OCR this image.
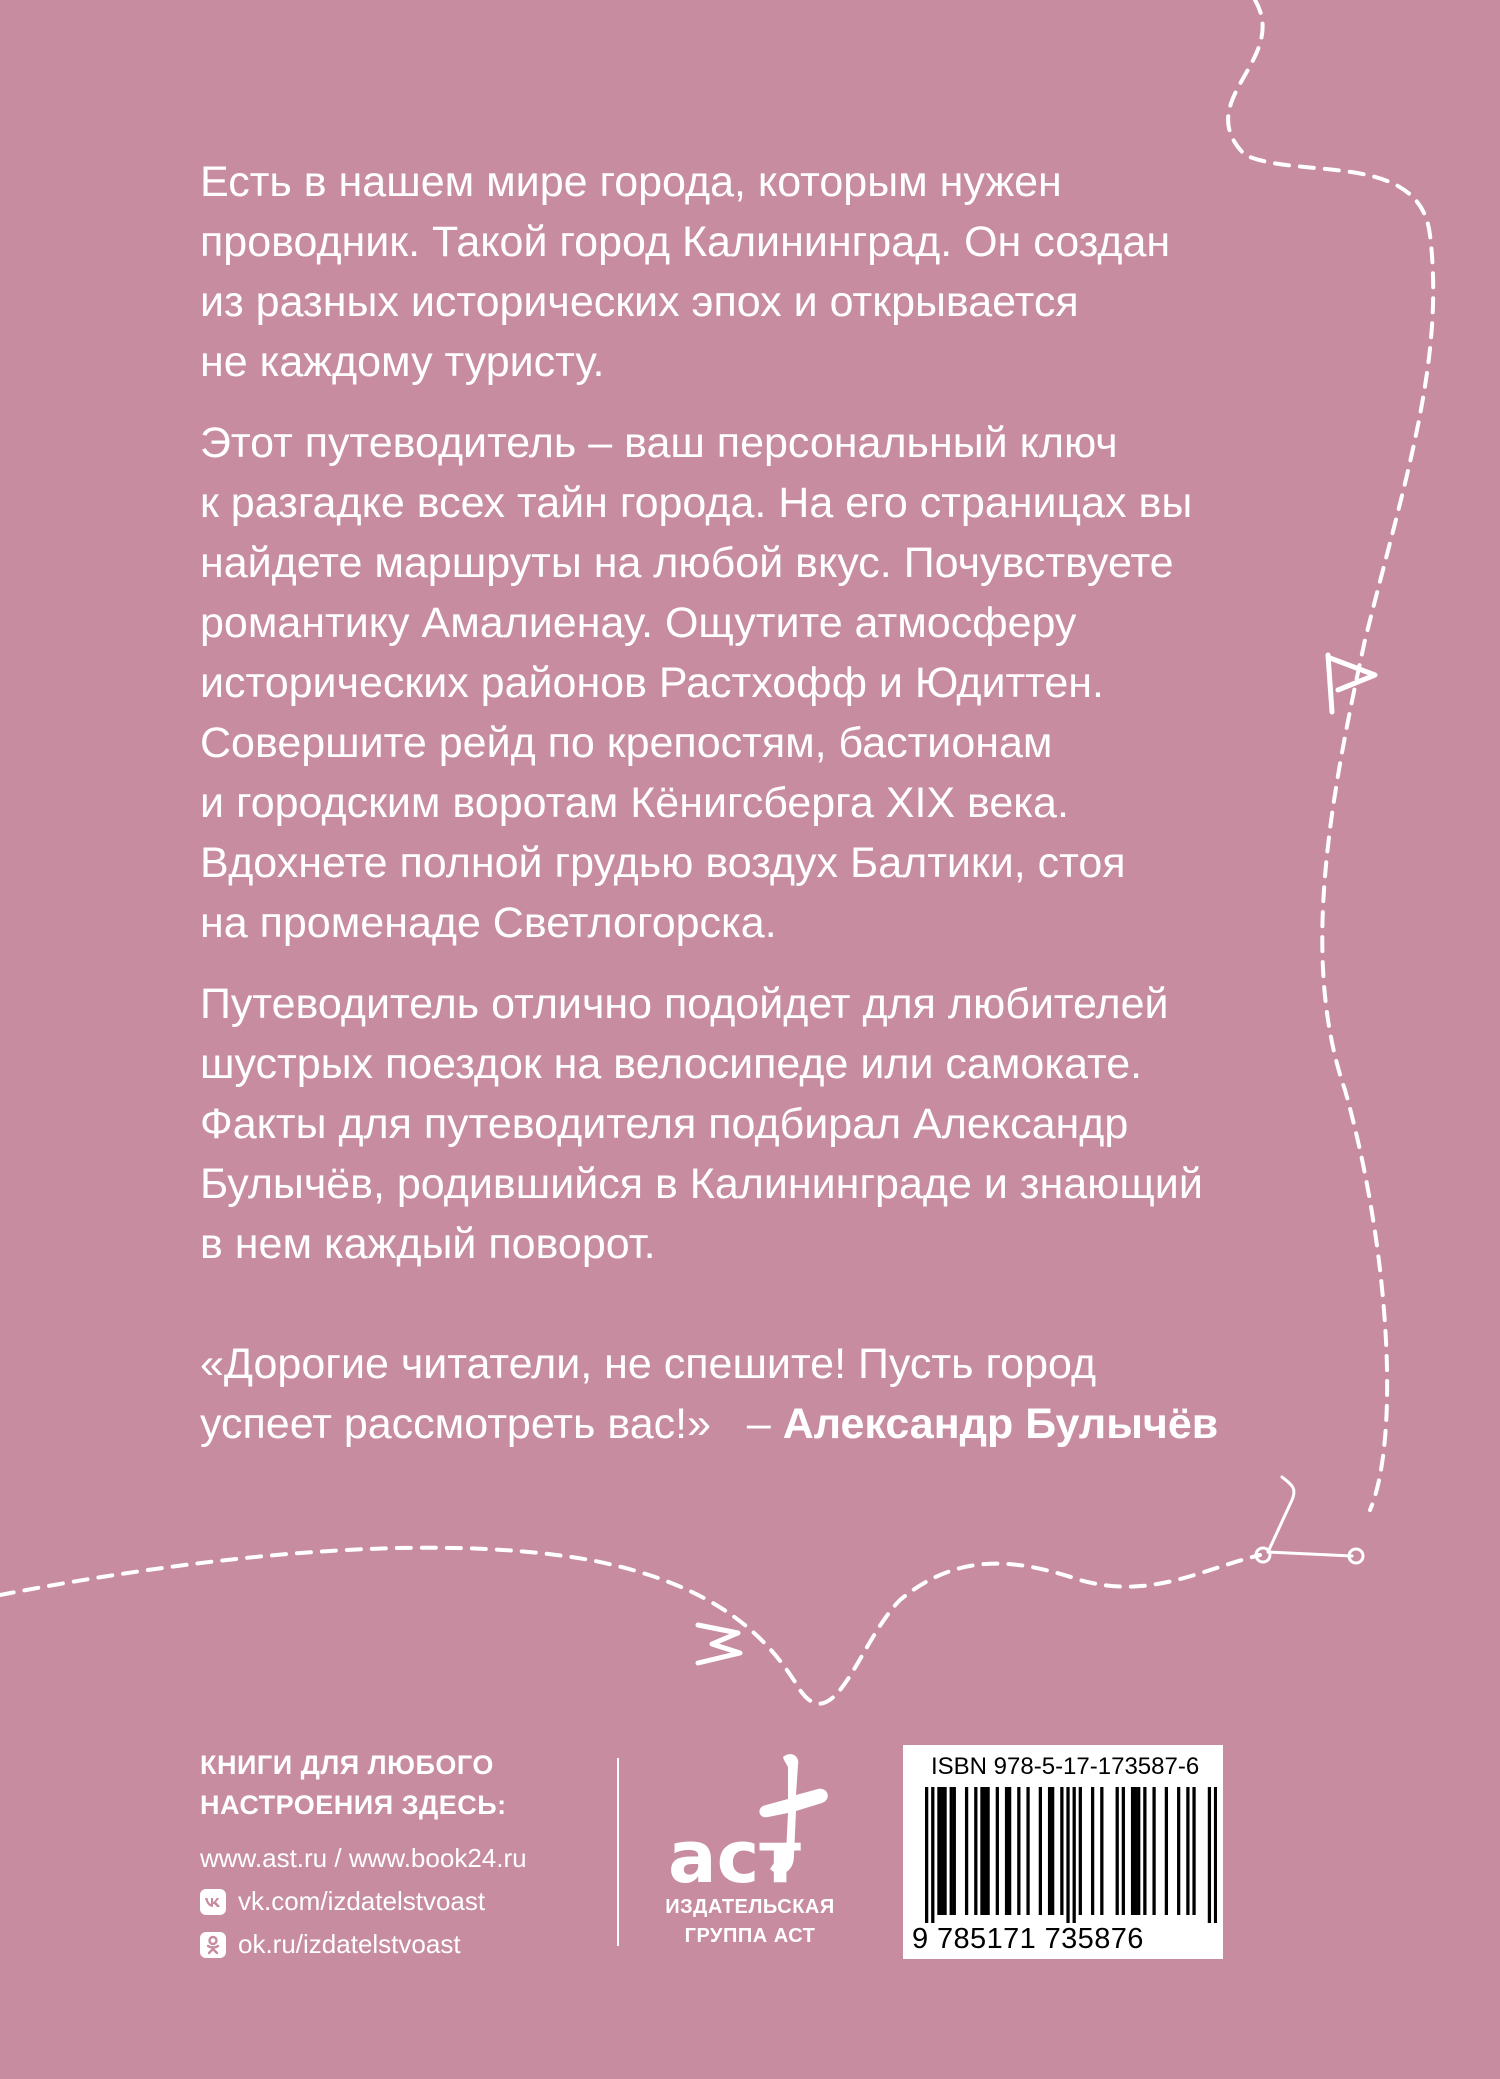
Есть в нашем мире города, которым нужен
проводник. Такой город Калининград. Он создан
из разных исторических эпох и открывается
не каждому туристу.

Этот путеводитель – ваш персональный ключ
к разгадке всех тайн города. На его страницах вы
найдете маршруты на любой вкус. Почувствуете
романтику Амалиенау. Ощутите атмосферу
исторических районов Растхофф и Юдиттен.
Совершите рейд по крепостям, бастионам
и городским воротам Кёнигсберга XIX века.
Вдохнете полной грудью воздух Балтики, стоя
на променаде Светлогорска.

Путеводитель отлично подойдет для любителей
шустрых поездок на велосипеде или самокате.
Факты для путеводителя подбирал Александр
Булычёв, родившийся в Калининграде и знающий
в нем каждый поворот.

«Дорогие читатели, не спешите! Пусть город
успеет рассмотреть вас!»   – Александр Булычёв

КНИГИ ДЛЯ ЛЮБОГО
НАСТРОЕНИЯ ЗДЕСЬ:
www.ast.ru / www.book24.ru
vk.com/izdatelstvoast
ok.ru/izdatelstvoast
аст
ИЗДАТЕЛЬСКАЯ
ГРУППА АСТ
ISBN 978-5-17-173587-6
9 785171 735876
